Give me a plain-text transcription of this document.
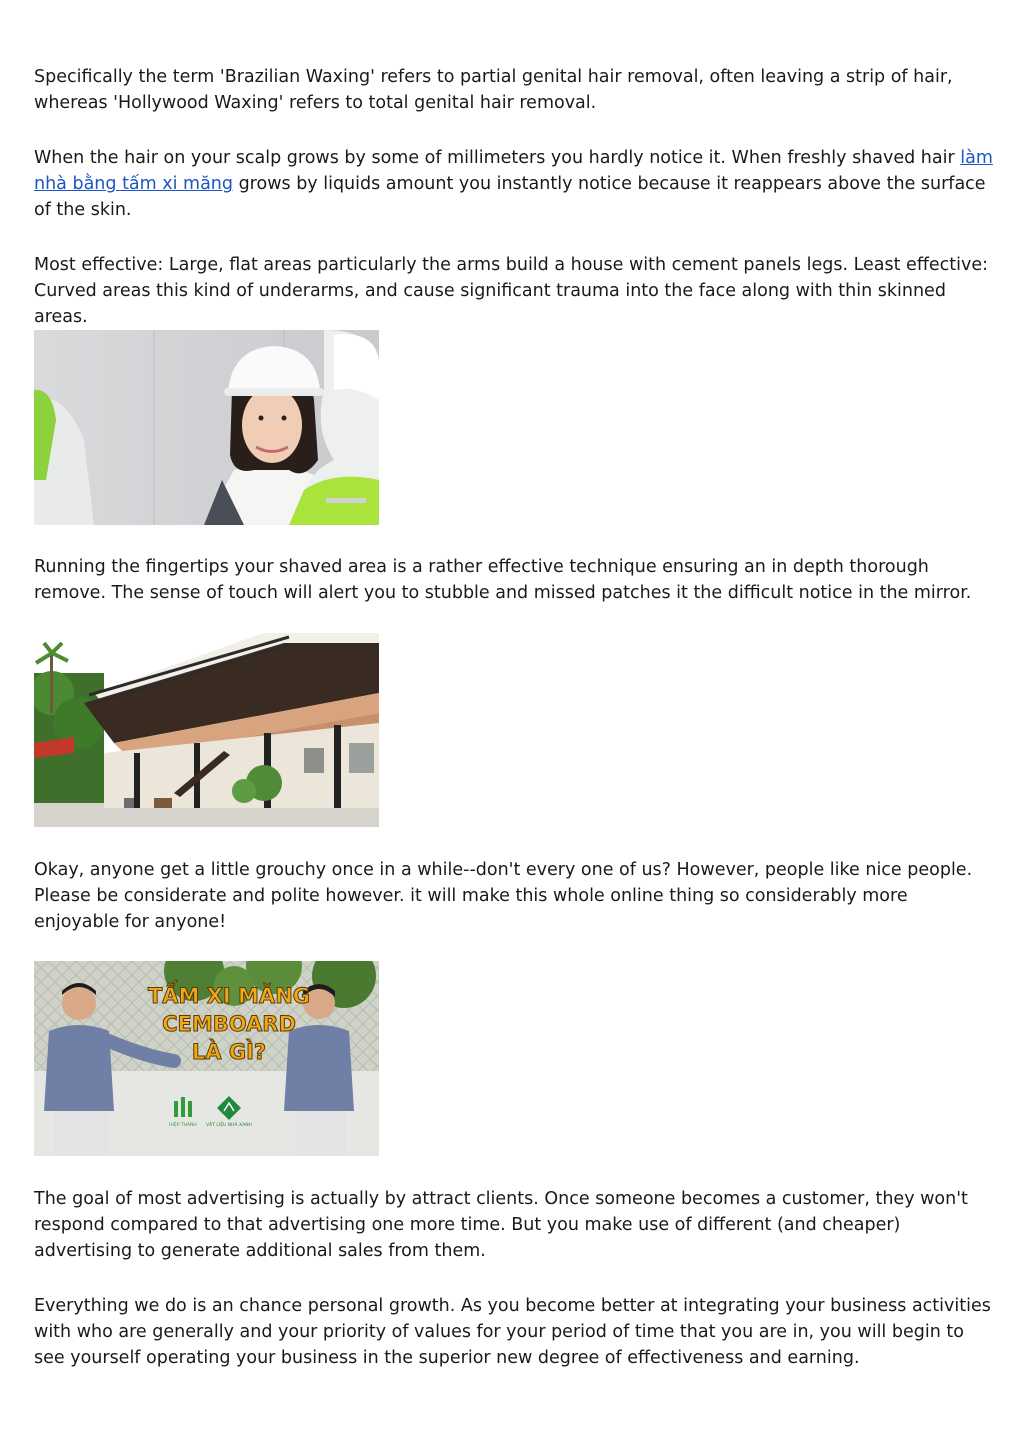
Specifically the term 'Brazilian Waxing' refers to partial genital hair removal, often leaving a strip of hair, whereas 'Hollywood Waxing' refers to total genital hair removal.

When the hair on your scalp grows by some of millimeters you hardly notice it. When freshly shaved hair làm nhà bằng tấm xi măng grows by liquids amount you instantly notice because it reappears above the surface of the skin.

Most effective: Large, flat areas particularly the arms build a house with cement panels legs. Least effective: Curved areas this kind of underarms, and cause significant trauma into the face along with thin skinned areas.

Running the fingertips your shaved area is a rather effective technique ensuring an in depth thorough remove. The sense of touch will alert you to stubble and missed patches it the difficult notice in the mirror.

Okay, anyone get a little grouchy once in a while--don't every one of us? However, people like nice people. Please be considerate and polite however. it will make this whole online thing so considerably more enjoyable for anyone!

TẤM XI MĂNG
CEMBOARD
LÀ GÌ?
HIỆP THÀNH VẬT LIỆU NHÀ XANH

The goal of most advertising is actually by attract clients. Once someone becomes a customer, they won't respond compared to that advertising one more time. But you make use of different (and cheaper) advertising to generate additional sales from them.

Everything we do is an chance personal growth. As you become better at integrating your business activities with who are generally and your priority of values for your period of time that you are in, you will begin to see yourself operating your business in the superior new degree of effectiveness and earning.
